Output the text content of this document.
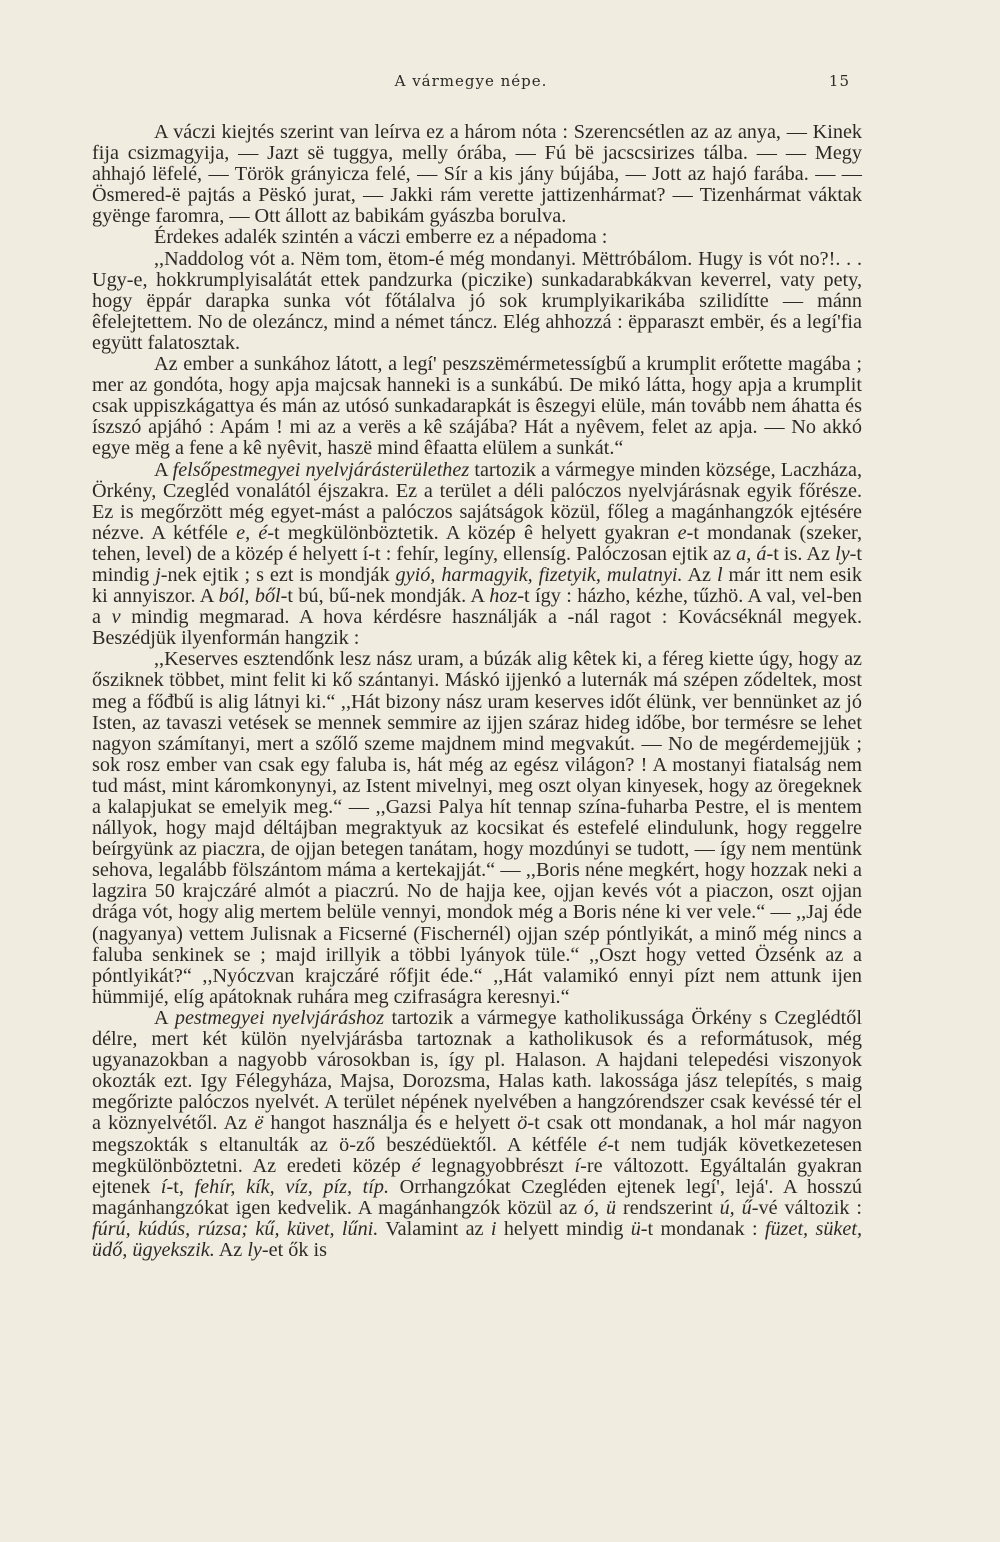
A vármegye népe.	15

A váczi kiejtés szerint van leírva ez a három nóta : Szerencsétlen az az anya, — Kinek fija csizmagyija, — Jazt së tuggya, melly órába, — Fú bë jacscsirizes tálba. — — Megy ahhajó lëfelé, — Török grányicza felé, — Sír a kis jány bújába, — Jott az hajó farába. — — Ösmered-ë pajtás a Pëskó jurat, — Jakki rám verette jattizenhármat? — Tizenhármat váktak gyënge faromra, — Ott állott az babikám gyászba borulva.

Érdekes adalék szintén a váczi emberre ez a népadoma :

,,Naddolog vót a. Nëm tom, ëtom-é még mondanyi. Mëttróbálom. Hugy is vót no?!. . . Ugy-e, hokkrumplyisalátát ettek pandzurka (piczike) sunkadarabkákvan keverrel, vaty pety, hogy ëppár darapka sunka vót főtálalva jó sok krumplyikarikába szilidítte — mánn êfelejtettem. No de olezáncz, mind a német táncz. Elég ahhozzá : ëpparaszt embër, és a legí'fia együtt falatosztak.

Az ember a sunkához látott, a legí' peszszëmérmetessígbű a krumplit erőtette magába ; mer az gondóta, hogy apja majcsak hanneki is a sunkábú. De mikó látta, hogy apja a krumplit csak uppiszkágattya és mán az utósó sunkadarapkát is êszegyi elüle, mán tovább nem áhatta és íszszó apjáhó : Apám ! mi az a verës a kê szájába? Hát a nyêvem, felet az apja. — No akkó egye mëg a fene a kê nyêvit, haszë mind êfaatta elülem a sunkát.“

A felsőpestmegyei nyelvjárásterülethez tartozik a vármegye minden községe, Laczháza, Örkény, Czegléd vonalától éjszakra. Ez a terület a déli palóczos nyelvjárásnak egyik főrésze. Ez is megőrzött még egyet-mást a palóczos sajátságok közül, főleg a magánhangzók ejtésére nézve. A kétféle e, é-t megkülönböztetik. A közép ê helyett gyakran e-t mondanak (szeker, tehen, level) de a közép é helyett í-t : fehír, legíny, ellensíg. Palóczosan ejtik az a, á-t is. Az ly-t mindig j-nek ejtik ; s ezt is mondják gyió, harmagyik, fizetyik, mulatnyi. Az l már itt nem esik ki annyiszor. A ból, ből-t bú, bű-nek mondják. A hoz-t így : házho, kézhe, tűzhö. A val, vel-ben a v mindig megmarad. A hova kérdésre használják a -nál ragot : Kovácséknál megyek. Beszédjük ilyenformán hangzik :

,,Keserves esztendőnk lesz nász uram, a búzák alig kêtek ki, a féreg kiette úgy, hogy az ősziknek többet, mint felit ki kő szántanyi. Máskó ijjenkó a luternák má szépen ződeltek, most meg a főđbű is alig látnyi ki.“ ,,Hát bizony nász uram keserves időt élünk, ver bennünket az jó Isten, az tavaszi vetések se mennek semmire az ijjen száraz hideg időbe, bor termésre se lehet nagyon számítanyi, mert a szőlő szeme majdnem mind megvakút. — No de megérdemejjük ; sok rosz ember van csak egy faluba is, hát még az egész világon? ! A mostanyi fiatalság nem tud mást, mint káromkonynyi, az Istent mivelnyi, meg oszt olyan kinyesek, hogy az öregeknek a kalapjukat se emelyik meg.“ — ,,Gazsi Palya hít tennap szína-fuharba Pestre, el is mentem nállyok, hogy majd déltájban megraktyuk az kocsikat és estefelé elindulunk, hogy reggelre beírgyünk az piaczra, de ojjan betegen tanátam, hogy mozdúnyi se tudott, — így nem mentünk sehova, legalább fölszántom máma a kertekajját.“ — ,,Boris néne megkért, hogy hozzak neki a lagzira 50 krajczáré almót a piaczrú. No de hajja kee, ojjan kevés vót a piaczon, oszt ojjan drága vót, hogy alig mertem belüle vennyi, mondok még a Boris néne ki ver vele.“ — ,,Jaj éde (nagyanya) vettem Julisnak a Ficserné (Fischernél) ojjan szép póntlyikát, a minő még nincs a faluba senkinek se ; majd irillyik a többi lyányok tüle.“ ,,Oszt hogy vetted Özsénk az a póntlyikát?“ ,,Nyóczvan krajczáré rőfjit éde.“ ,,Hát valamikó ennyi pízt nem attunk ijen hümmijé, elíg apátoknak ruhára meg czifraságra keresnyi.“

A pestmegyei nyelvjáráshoz tartozik a vármegye katholikussága Örkény s Czeglédtől délre, mert két külön nyelvjárásba tartoznak a katholikusok és a reformátusok, még ugyanazokban a nagyobb városokban is, így pl. Halason. A hajdani telepedési viszonyok okozták ezt. Igy Félegyháza, Majsa, Dorozsma, Halas kath. lakossága jász telepítés, s maig megőrizte palóczos nyelvét. A terület népének nyelvében a hangzórendszer csak kevéssé tér el a köznyelvétől. Az ë hangot használja és e helyett ö-t csak ott mondanak, a hol már nagyon megszokták s eltanulták az ö-ző beszédüektől. A kétféle é-t nem tudják következetesen megkülönböztetni. Az eredeti közép é legnagyobbrészt í-re változott. Egyáltalán gyakran ejtenek í-t, fehír, kík, víz, píz, típ. Orrhangzókat Czegléden ejtenek legí', lejá'. A hosszú magánhangzókat igen kedvelik. A magánhangzók közül az ó, ü rendszerint ú, ű-vé változik : fúrú, kúdús, rúzsa; kű, küvet, lűni. Valamint az i helyett mindig ü-t mondanak : füzet, süket, üdő, ügyekszik. Az ly-et ők is
